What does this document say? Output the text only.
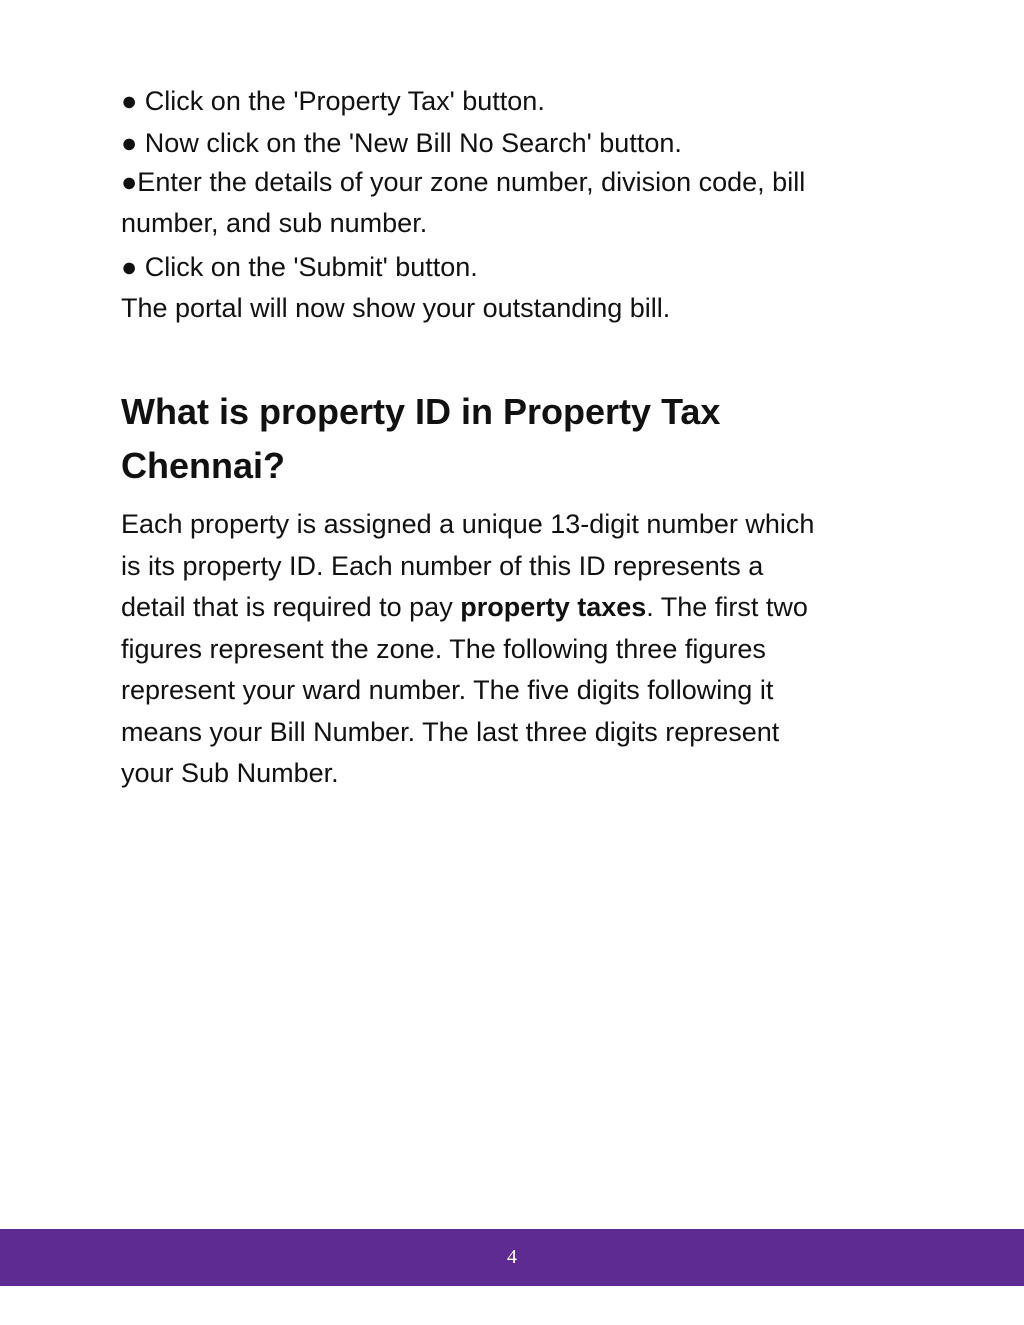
● Click on the 'Property Tax' button.
● Now click on the 'New Bill No Search' button.
●Enter the details of your zone number, division code, bill
number, and sub number.
● Click on the 'Submit' button.
The portal will now show your outstanding bill.
What is property ID in Property Tax
Chennai?

Each property is assigned a unique 13-digit number which

is its property ID. Each number of this ID represents a

detail that is required to pay property taxes. The first two

figures represent the zone. The following three figures

represent your ward number. The five digits following it

means your Bill Number. The last three digits represent

your Sub Number.

4
